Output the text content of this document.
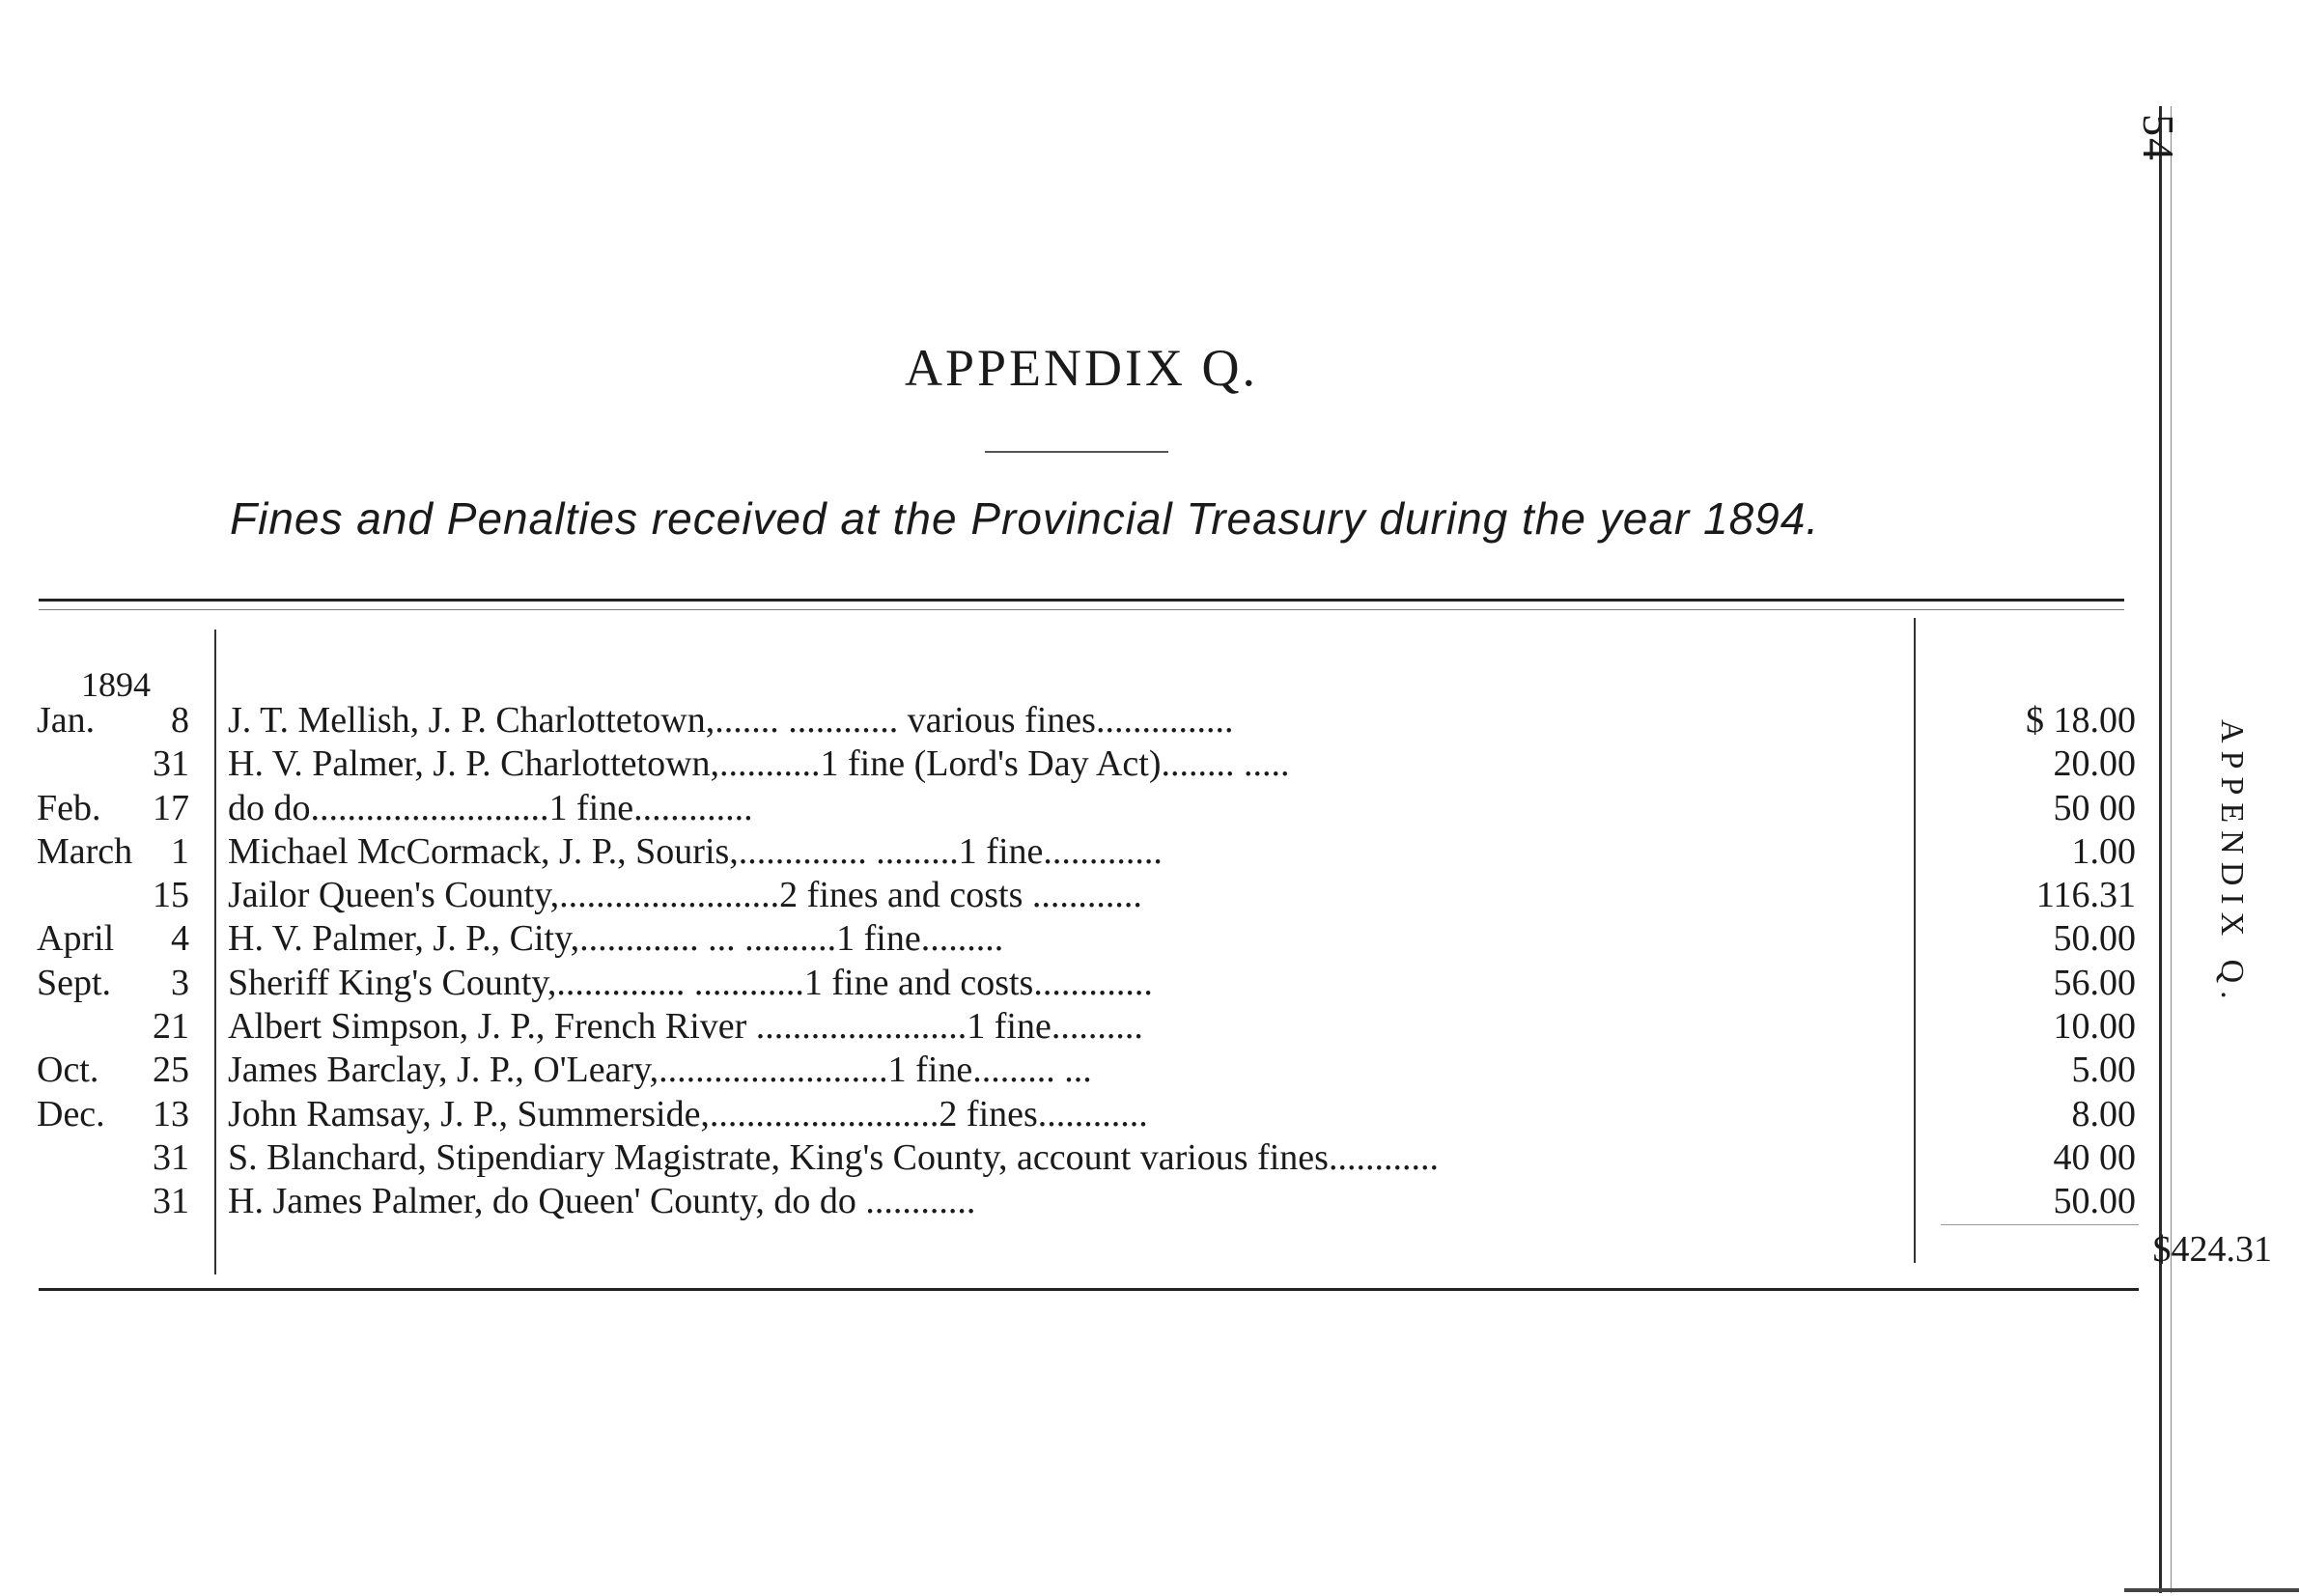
54
APPENDIX Q.
APPENDIX Q.
Fines and Penalties received at the Provincial Treasury during the year 1894.
1894
Jan.	8 J. T. Mellish, J. P. Charlottetown,....... ............ various fines...............	$ 18.00
31 H. V. Palmer, J. P. Charlottetown,...........1 fine (Lord's Day Act)........ .....	20.00
Feb.	17 do do..........................1 fine.............	50 00
March	1 Michael McCormack, J. P., Souris,.............. .........1 fine.............	1.00
15 Jailor Queen's County,........................2 fines and costs ............	116.31
April	4 H. V. Palmer, J. P., City,............. ... ..........1 fine.........	50.00
Sept.	3 Sheriff King's County,.............. ............1 fine and costs.............	56.00
21 Albert Simpson, J. P., French River .......................1 fine..........	10.00
Oct.	25 James Barclay, J. P., O'Leary,.........................1 fine......... ...	5.00
Dec.	13 John Ramsay, J. P., Summerside,.........................2 fines............	8.00
31 S. Blanchard, Stipendiary Magistrate, King's County, account various fines............	40 00
31 H. James Palmer, do Queen' County, do do ............	50.00
$424.31
